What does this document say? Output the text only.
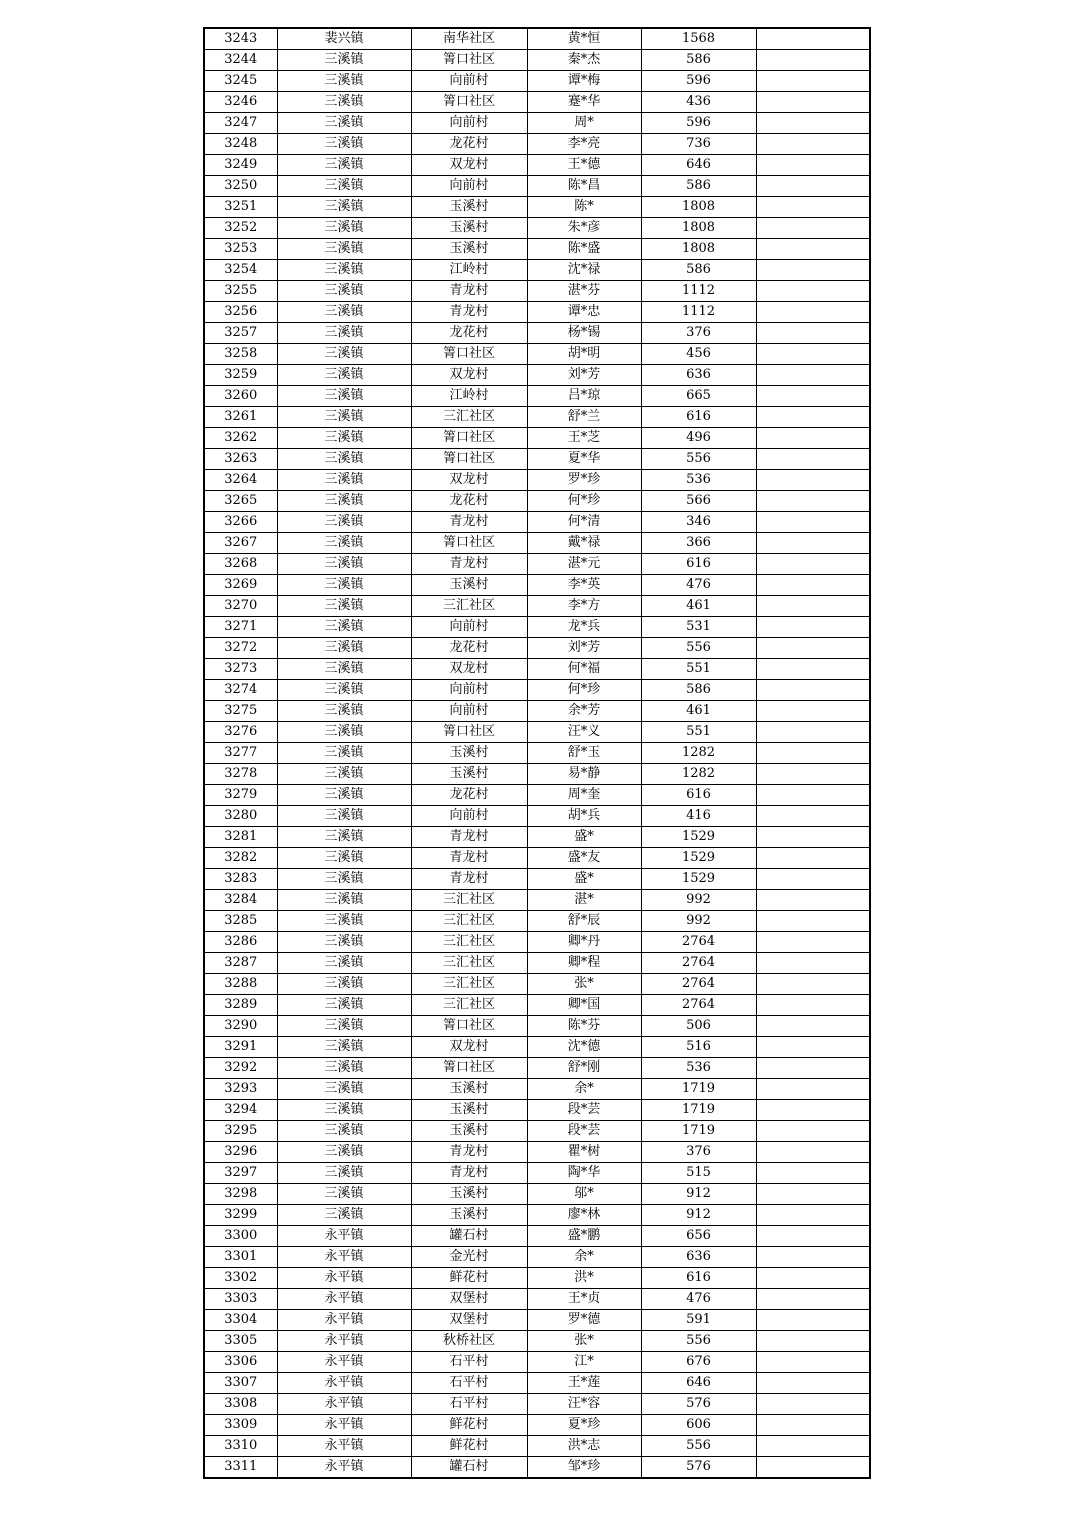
3243	裴兴镇	南华社区	黄*恒	1568	
3244	三溪镇	箐口社区	秦*杰	586	
3245	三溪镇	向前村	谭*梅	596	
3246	三溪镇	箐口社区	蹇*华	436	
3247	三溪镇	向前村	周*	596	
3248	三溪镇	龙花村	李*亮	736	
3249	三溪镇	双龙村	王*德	646	
3250	三溪镇	向前村	陈*昌	586	
3251	三溪镇	玉溪村	陈*	1808	
3252	三溪镇	玉溪村	朱*彦	1808	
3253	三溪镇	玉溪村	陈*盛	1808	
3254	三溪镇	江岭村	沈*禄	586	
3255	三溪镇	青龙村	湛*芬	1112	
3256	三溪镇	青龙村	谭*忠	1112	
3257	三溪镇	龙花村	杨*锡	376	
3258	三溪镇	箐口社区	胡*明	456	
3259	三溪镇	双龙村	刘*芳	636	
3260	三溪镇	江岭村	吕*琼	665	
3261	三溪镇	三汇社区	舒*兰	616	
3262	三溪镇	箐口社区	王*芝	496	
3263	三溪镇	箐口社区	夏*华	556	
3264	三溪镇	双龙村	罗*珍	536	
3265	三溪镇	龙花村	何*珍	566	
3266	三溪镇	青龙村	何*清	346	
3267	三溪镇	箐口社区	戴*禄	366	
3268	三溪镇	青龙村	湛*元	616	
3269	三溪镇	玉溪村	李*英	476	
3270	三溪镇	三汇社区	李*方	461	
3271	三溪镇	向前村	龙*兵	531	
3272	三溪镇	龙花村	刘*芳	556	
3273	三溪镇	双龙村	何*福	551	
3274	三溪镇	向前村	何*珍	586	
3275	三溪镇	向前村	余*芳	461	
3276	三溪镇	箐口社区	汪*义	551	
3277	三溪镇	玉溪村	舒*玉	1282	
3278	三溪镇	玉溪村	易*静	1282	
3279	三溪镇	龙花村	周*奎	616	
3280	三溪镇	向前村	胡*兵	416	
3281	三溪镇	青龙村	盛*	1529	
3282	三溪镇	青龙村	盛*友	1529	
3283	三溪镇	青龙村	盛*	1529	
3284	三溪镇	三汇社区	湛*	992	
3285	三溪镇	三汇社区	舒*辰	992	
3286	三溪镇	三汇社区	卿*丹	2764	
3287	三溪镇	三汇社区	卿*程	2764	
3288	三溪镇	三汇社区	张*	2764	
3289	三溪镇	三汇社区	卿*国	2764	
3290	三溪镇	箐口社区	陈*芬	506	
3291	三溪镇	双龙村	沈*德	516	
3292	三溪镇	箐口社区	舒*刚	536	
3293	三溪镇	玉溪村	余*	1719	
3294	三溪镇	玉溪村	段*芸	1719	
3295	三溪镇	玉溪村	段*芸	1719	
3296	三溪镇	青龙村	瞿*树	376	
3297	三溪镇	青龙村	陶*华	515	
3298	三溪镇	玉溪村	邬*	912	
3299	三溪镇	玉溪村	廖*林	912	
3300	永平镇	罐石村	盛*鹏	656	
3301	永平镇	金光村	余*	636	
3302	永平镇	鲜花村	洪*	616	
3303	永平镇	双堡村	王*贞	476	
3304	永平镇	双堡村	罗*德	591	
3305	永平镇	秋桥社区	张*	556	
3306	永平镇	石平村	江*	676	
3307	永平镇	石平村	王*莲	646	
3308	永平镇	石平村	汪*容	576	
3309	永平镇	鲜花村	夏*珍	606	
3310	永平镇	鲜花村	洪*志	556	
3311	永平镇	罐石村	邹*珍	576	
